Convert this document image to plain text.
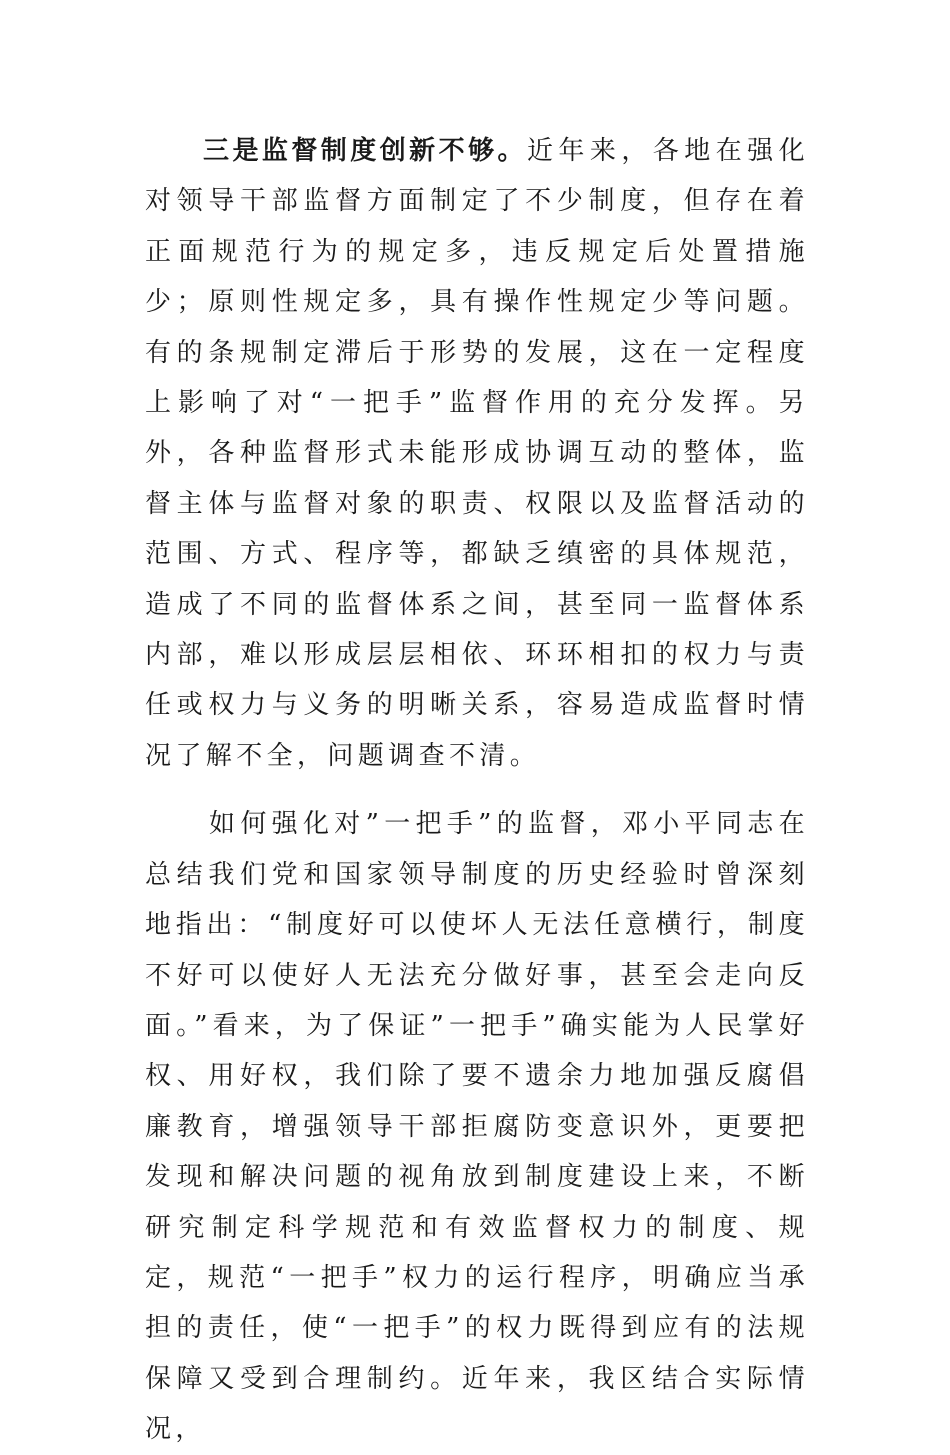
三是监督制度创新不够。近年来，各地在强化对领导干部监督方面制定了不少制度，但存在着正面规范行为的规定多，违反规定后处置措施少；原则性规定多，具有操作性规定少等问题。有的条规制定滞后于形势的发展，这在一定程度上影响了对“一把手”监督作用的充分发挥。另外，各种监督形式未能形成协调互动的整体，监督主体与监督对象的职责、权限以及监督活动的范围、方式、程序等，都缺乏缜密的具体规范，造成了不同的监督体系之间，甚至同一监督体系内部，难以形成层层相依、环环相扣的权力与责任或权力与义务的明晰关系，容易造成监督时情况了解不全，问题调查不清。

如何强化对”一把手”的监督，邓小平同志在总结我们党和国家领导制度的历史经验时曾深刻地指出：“制度好可以使坏人无法任意横行，制度不好可以使好人无法充分做好事，甚至会走向反面。”看来，为了保证”一把手”确实能为人民掌好权、用好权，我们除了要不遗余力地加强反腐倡廉教育，增强领导干部拒腐防变意识外，更要把发现和解决问题的视角放到制度建设上来，不断研究制定科学规范和有效监督权力的制度、规定，规范“一把手”权力的运行程序，明确应当承担的责任，使“一把手”的权力既得到应有的法规保障又受到合理制约。近年来，我区结合实际情况，
